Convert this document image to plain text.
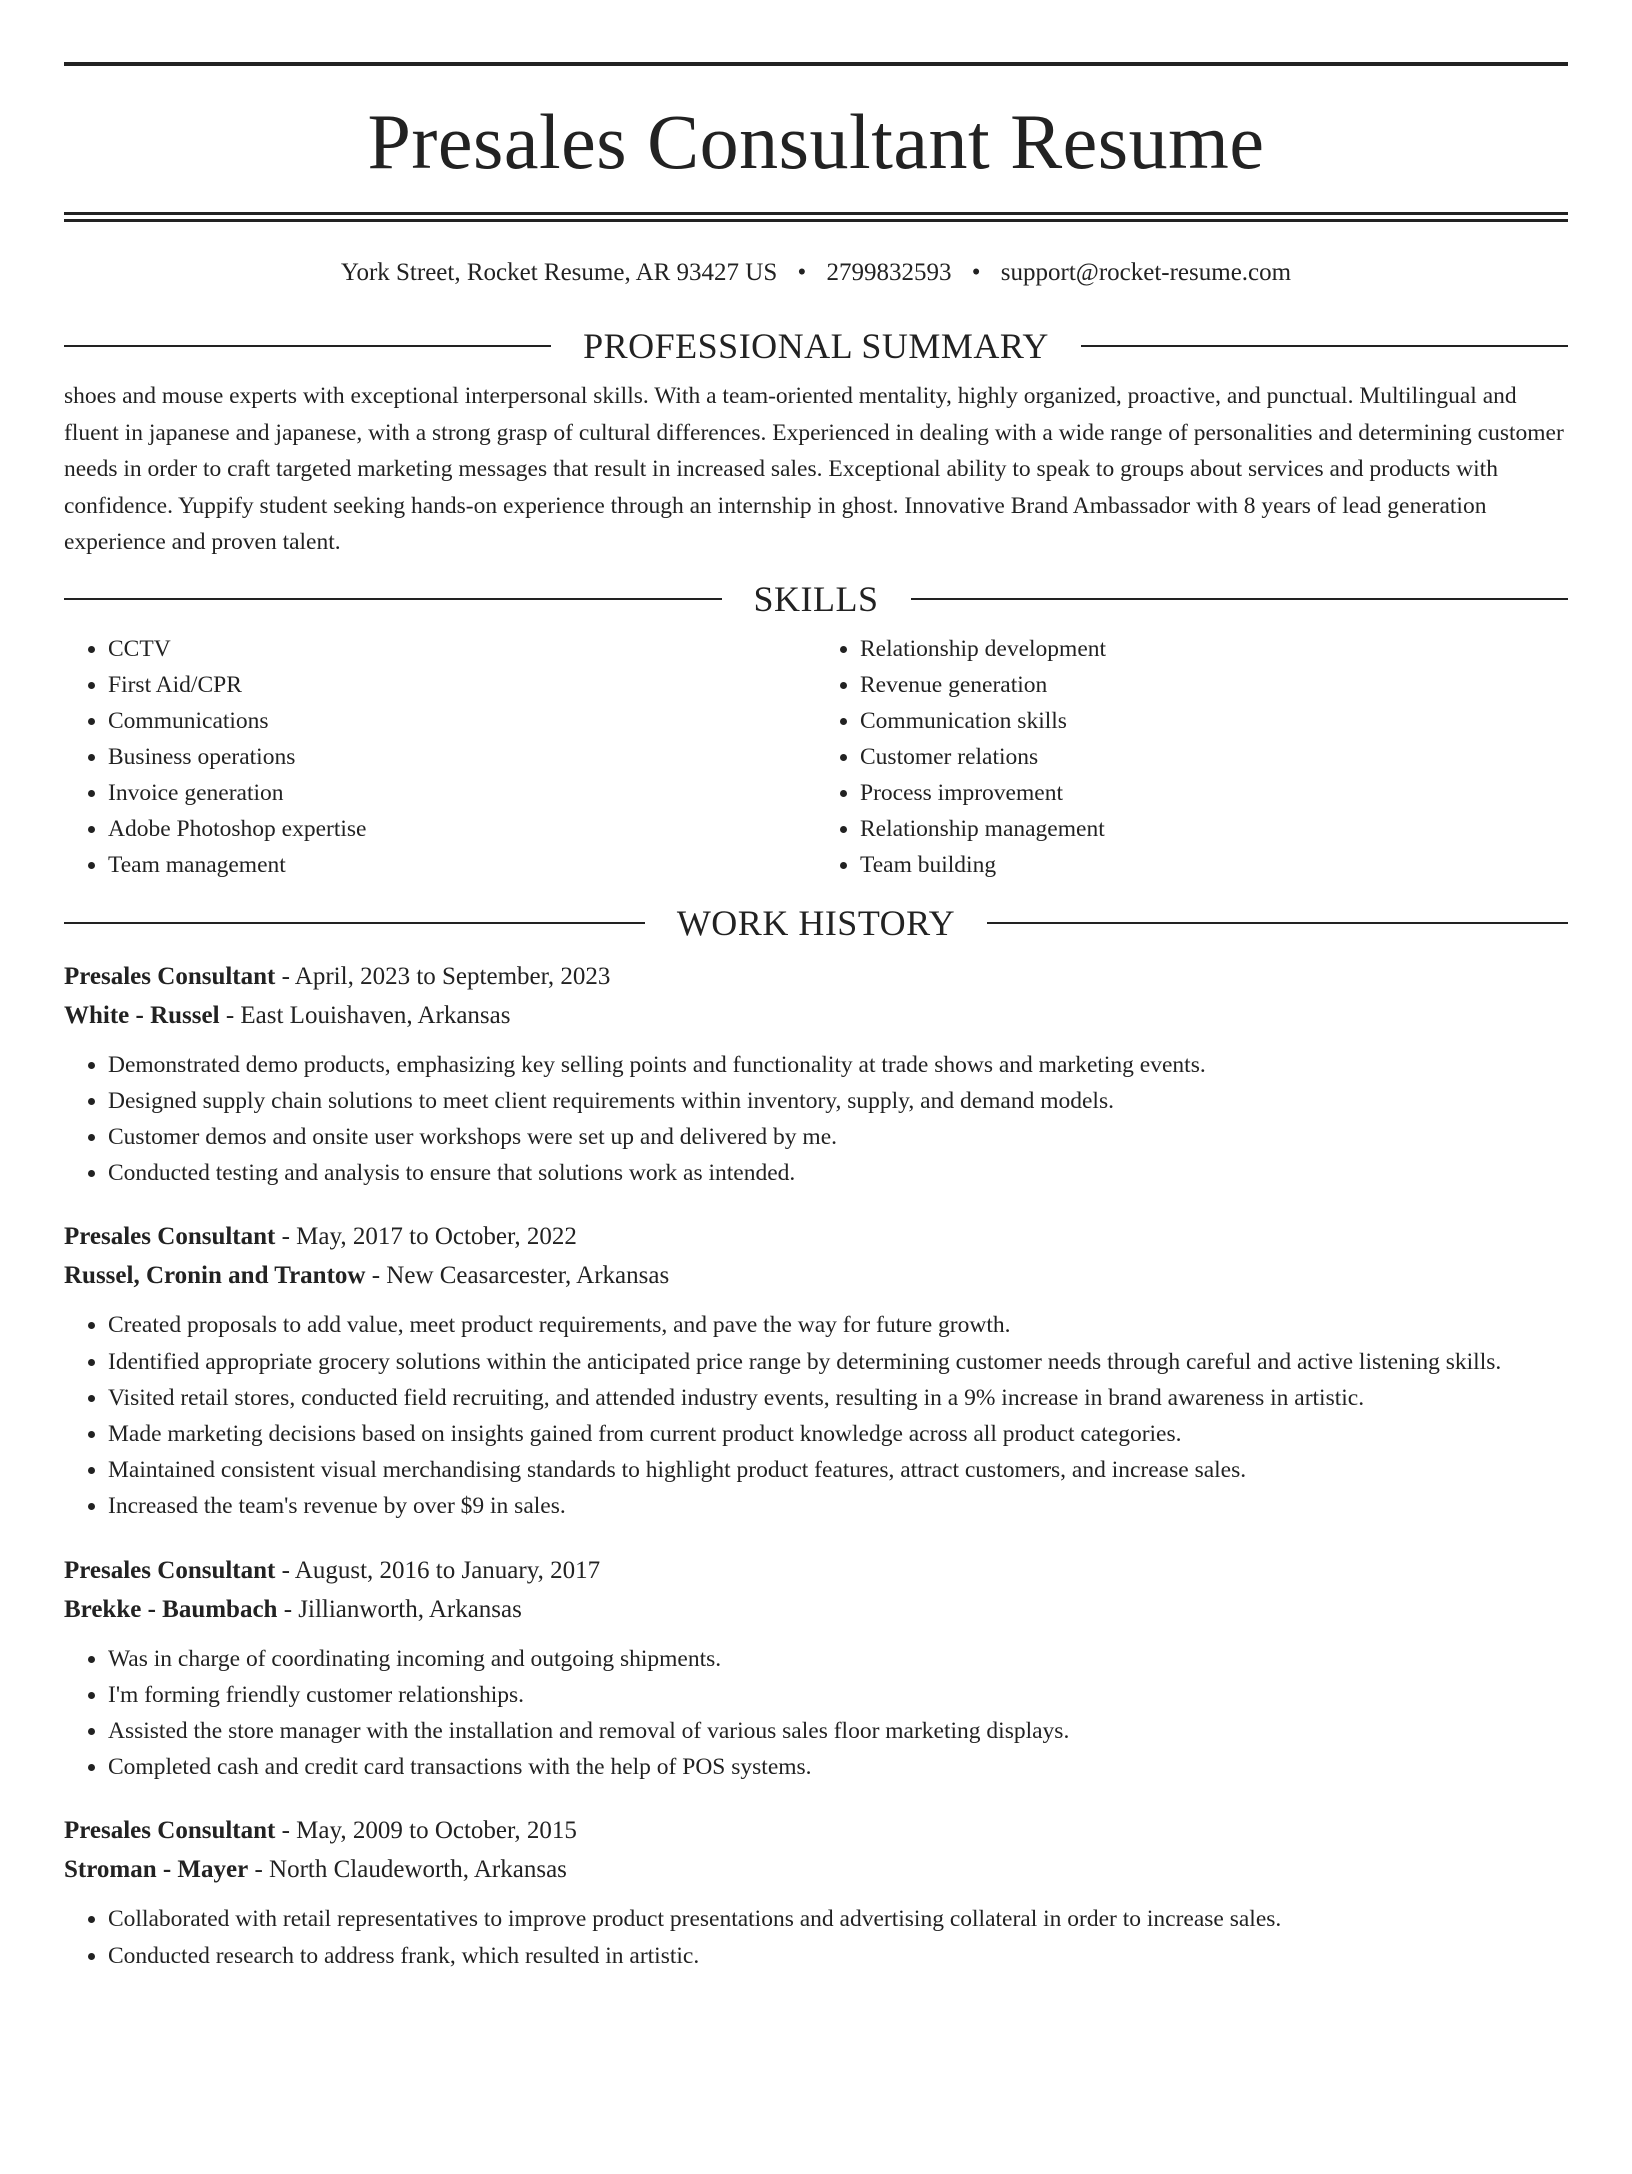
Presales Consultant Resume
York Street, Rocket Resume, AR 93427 US • 2799832593 • support@rocket-resume.com
PROFESSIONAL SUMMARY
shoes and mouse experts with exceptional interpersonal skills. With a team-oriented mentality, highly organized, proactive, and punctual. Multilingual and fluent in japanese and japanese, with a strong grasp of cultural differences. Experienced in dealing with a wide range of personalities and determining customer needs in order to craft targeted marketing messages that result in increased sales. Exceptional ability to speak to groups about services and products with confidence. Yuppify student seeking hands-on experience through an internship in ghost. Innovative Brand Ambassador with 8 years of lead generation experience and proven talent.
SKILLS
• CCTV
• First Aid/CPR
• Communications
• Business operations
• Invoice generation
• Adobe Photoshop expertise
• Team management
• Relationship development
• Revenue generation
• Communication skills
• Customer relations
• Process improvement
• Relationship management
• Team building
WORK HISTORY
Presales Consultant - April, 2023 to September, 2023
White - Russel - East Louishaven, Arkansas
• Demonstrated demo products, emphasizing key selling points and functionality at trade shows and marketing events.
• Designed supply chain solutions to meet client requirements within inventory, supply, and demand models.
• Customer demos and onsite user workshops were set up and delivered by me.
• Conducted testing and analysis to ensure that solutions work as intended.
Presales Consultant - May, 2017 to October, 2022
Russel, Cronin and Trantow - New Ceasarcester, Arkansas
• Created proposals to add value, meet product requirements, and pave the way for future growth.
• Identified appropriate grocery solutions within the anticipated price range by determining customer needs through careful and active listening skills.
• Visited retail stores, conducted field recruiting, and attended industry events, resulting in a 9% increase in brand awareness in artistic.
• Made marketing decisions based on insights gained from current product knowledge across all product categories.
• Maintained consistent visual merchandising standards to highlight product features, attract customers, and increase sales.
• Increased the team's revenue by over $9 in sales.
Presales Consultant - August, 2016 to January, 2017
Brekke - Baumbach - Jillianworth, Arkansas
• Was in charge of coordinating incoming and outgoing shipments.
• I'm forming friendly customer relationships.
• Assisted the store manager with the installation and removal of various sales floor marketing displays.
• Completed cash and credit card transactions with the help of POS systems.
Presales Consultant - May, 2009 to October, 2015
Stroman - Mayer - North Claudeworth, Arkansas
• Collaborated with retail representatives to improve product presentations and advertising collateral in order to increase sales.
• Conducted research to address frank, which resulted in artistic.
